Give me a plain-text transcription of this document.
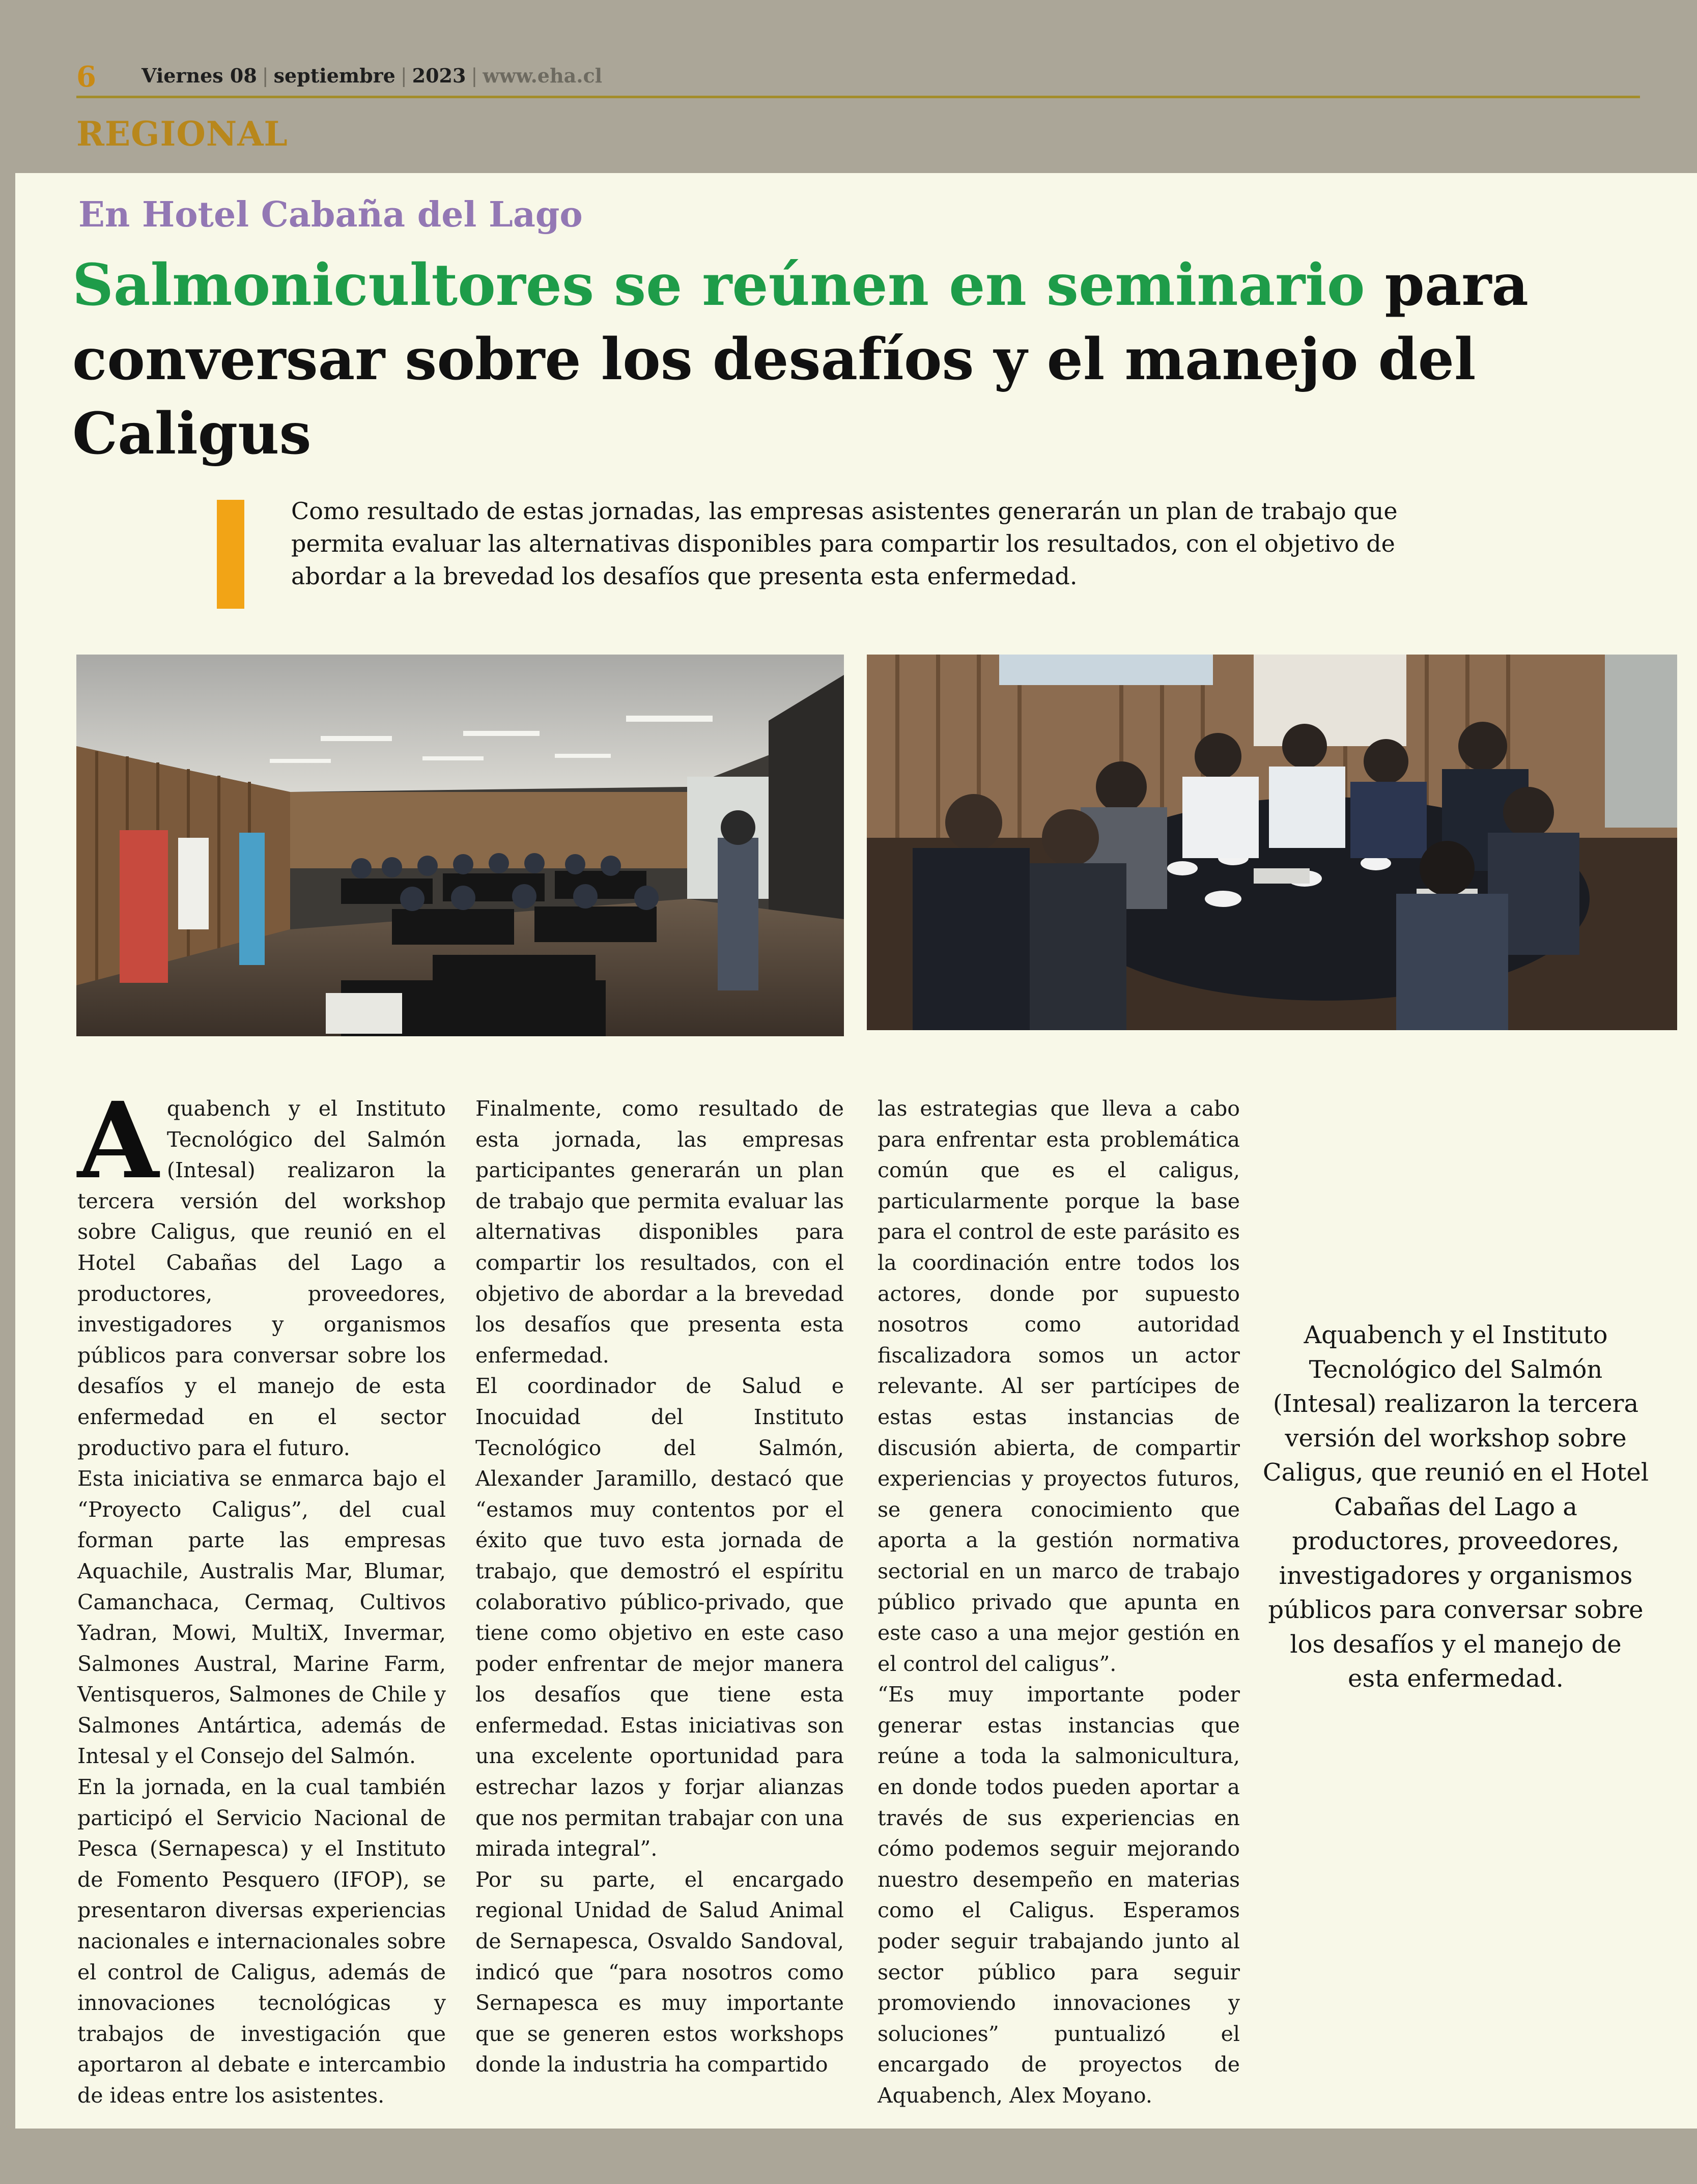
6 Viernes 08 | septiembre | 2023 | www.eha.cl
REGIONAL
En Hotel Cabaña del Lago
Salmonicultores se reúnen en seminario para conversar sobre los desafíos y el manejo del Caligus
Como resultado de estas jornadas, las empresas asistentes generarán un plan de trabajo que permita evaluar las alternativas disponibles para compartir los resultados, con el objetivo de abordar a la brevedad los desafíos que presenta esta enfermedad.

Aquabench y el Instituto Tecnológico del Salmón (Intesal) realizaron la tercera versión del workshop sobre Caligus, que reunió en el Hotel Cabañas del Lago a productores, proveedores, investigadores y organismos públicos para conversar sobre los desafíos y el manejo de esta enfermedad en el sector productivo para el futuro.

Esta iniciativa se enmarca bajo el “Proyecto Caligus”, del cual forman parte las empresas Aquachile, Australis Mar, Blumar, Camanchaca, Cermaq, Cultivos Yadran, Mowi, MultiX, Invermar, Salmones Austral, Marine Farm, Ventisqueros, Salmones de Chile y Salmones Antártica, además de Intesal y el Consejo del Salmón.

En la jornada, en la cual también participó el Servicio Nacional de Pesca (Sernapesca) y el Instituto de Fomento Pesquero (IFOP), se presentaron diversas experiencias nacionales e internacionales sobre el control de Caligus, además de innovaciones tecnológicas y trabajos de investigación que aportaron al debate e intercambio de ideas entre los asistentes.

Finalmente, como resultado de esta jornada, las empresas participantes generarán un plan de trabajo que permita evaluar las alternativas disponibles para compartir los resultados, con el objetivo de abordar a la brevedad los desafíos que presenta esta enfermedad.

El coordinador de Salud e Inocuidad del Instituto Tecnológico del Salmón, Alexander Jaramillo, destacó que “estamos muy contentos por el éxito que tuvo esta jornada de trabajo, que demostró el espíritu colaborativo público-privado, que tiene como objetivo en este caso poder enfrentar de mejor manera los desafíos que tiene esta enfermedad. Estas iniciativas son una excelente oportunidad para estrechar lazos y forjar alianzas que nos permitan trabajar con una mirada integral”.

Por su parte, el encargado regional Unidad de Salud Animal de Sernapesca, Osvaldo Sandoval, indicó que “para nosotros como Sernapesca es muy importante que se generen estos workshops donde la industria ha compartido

las estrategias que lleva a cabo para enfrentar esta problemática común que es el caligus, particularmente porque la base para el control de este parásito es la coordinación entre todos los actores, donde por supuesto nosotros como autoridad fiscalizadora somos un actor relevante. Al ser partícipes de estas estas instancias de discusión abierta, de compartir experiencias y proyectos futuros, se genera conocimiento que aporta a la gestión normativa sectorial en un marco de trabajo público privado que apunta en este caso a una mejor gestión en el control del caligus”.

“Es muy importante poder generar estas instancias que reúne a toda la salmonicultura, en donde todos pueden aportar a través de sus experiencias en cómo podemos seguir mejorando nuestro desempeño en materias como el Caligus. Esperamos poder seguir trabajando junto al sector público para seguir promoviendo innovaciones y soluciones” puntualizó el encargado de proyectos de Aquabench, Alex Moyano.

Aquabench y el Instituto Tecnológico del Salmón (Intesal) realizaron la tercera versión del workshop sobre Caligus, que reunió en el Hotel Cabañas del Lago a productores, proveedores, investigadores y organismos públicos para conversar sobre los desafíos y el manejo de esta enfermedad.
